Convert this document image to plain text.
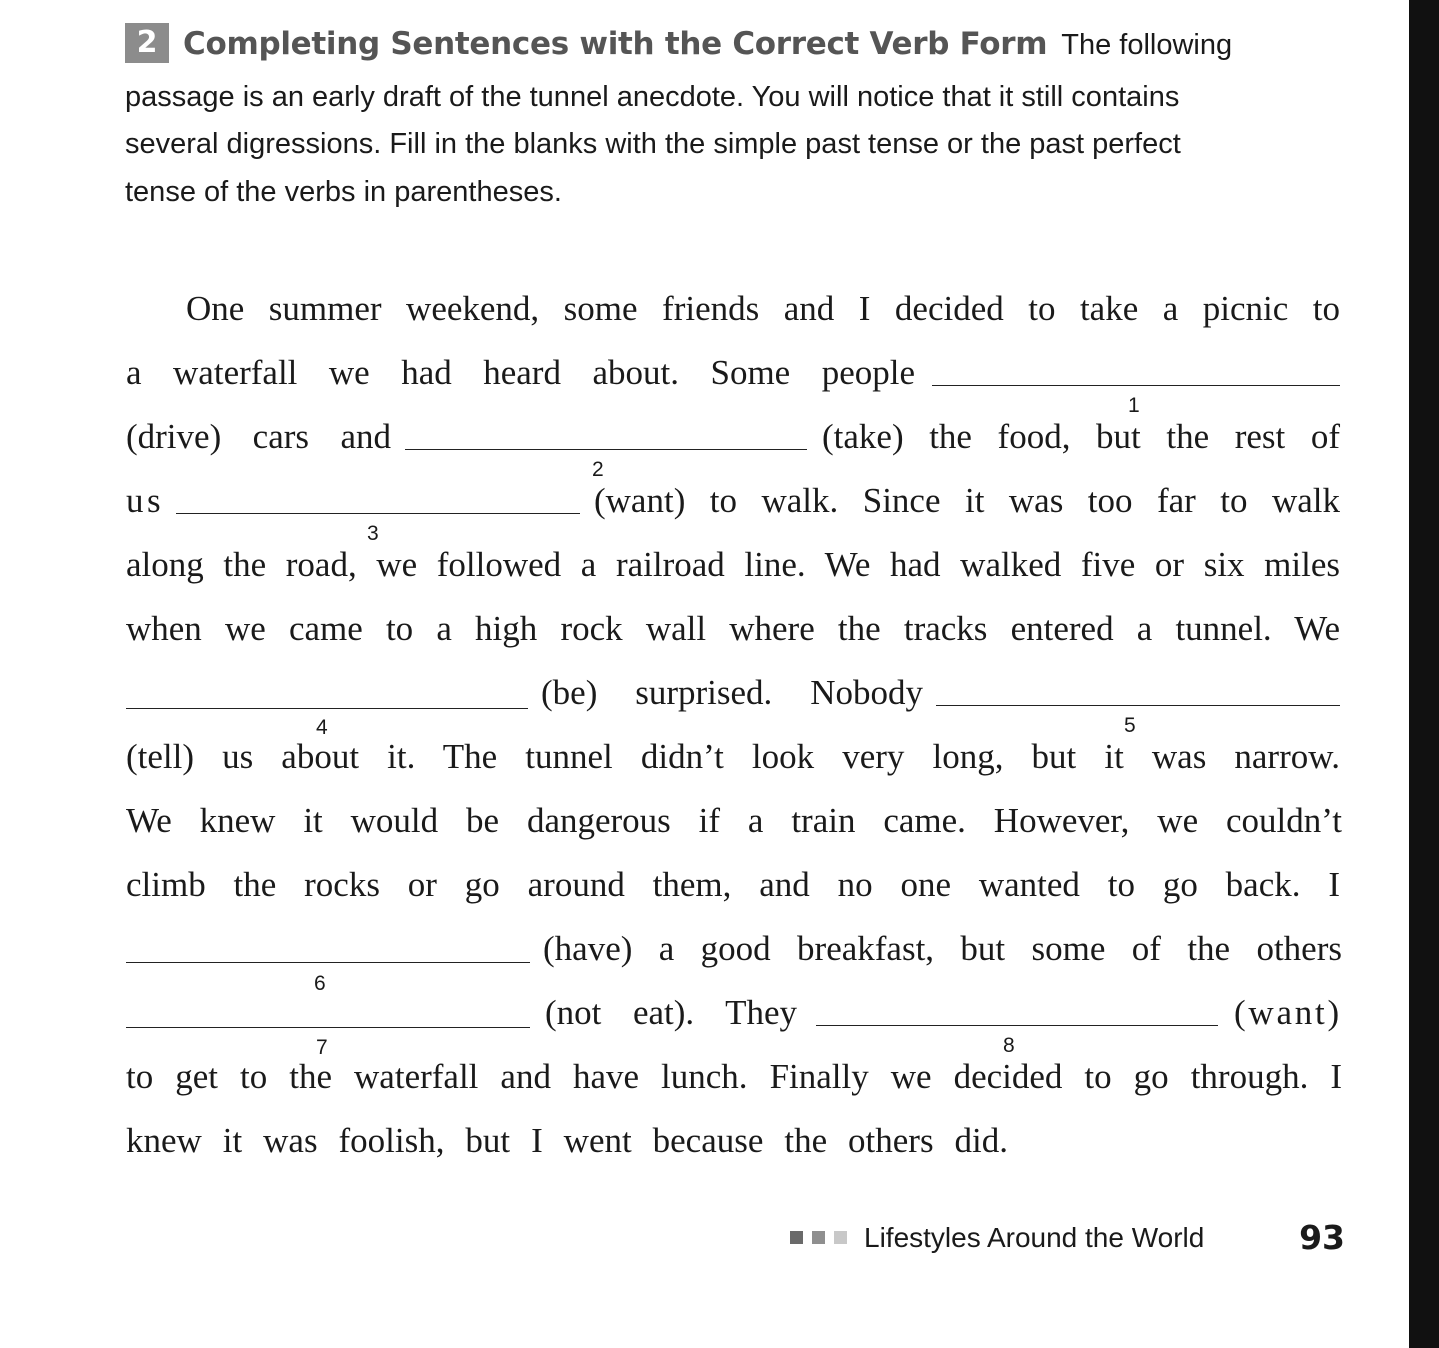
2 Completing Sentences with the Correct Verb Form The following
passage is an early draft of the tunnel anecdote. You will notice that it still contains
several digressions. Fill in the blanks with the simple past tense or the past perfect
tense of the verbs in parentheses.
One summer weekend, some friends and I decided to take a picnic to
a waterfall we had heard about. Some people
1
(drive) cars and
2
(take) the food, but the rest of
us
3
(want) to walk. Since it was too far to walk
along the road, we followed a railroad line. We had walked five or six miles
when we came to a high rock wall where the tracks entered a tunnel. We
4
(be) surprised. Nobody
5
(tell) us about it. The tunnel didn’t look very long, but it was narrow.
We knew it would be dangerous if a train came. However, we couldn’t
climb the rocks or go around them, and no one wanted to go back. I
6
(have) a good breakfast, but some of the others
7
(not eat). They
8
(want)
to get to the waterfall and have lunch. Finally we decided to go through. I
knew it was foolish, but I went because the others did.
Lifestyles Around the World	93
